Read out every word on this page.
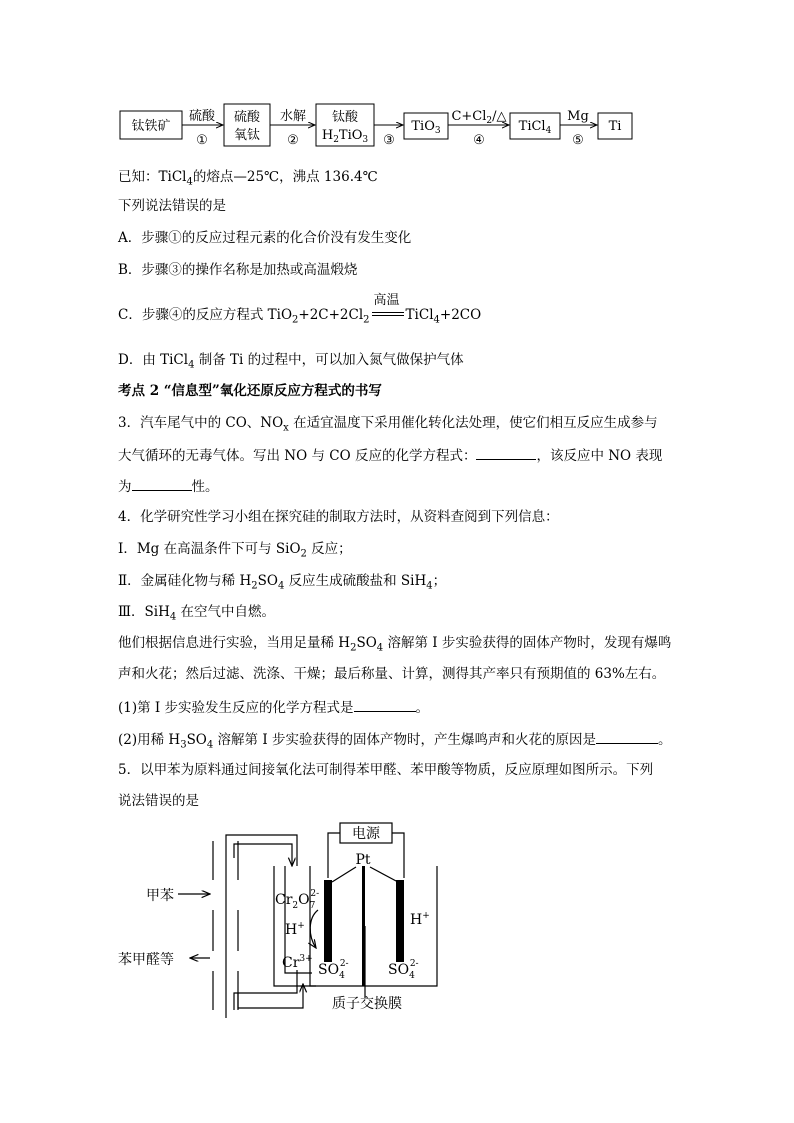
钛铁矿
硫酸
氧钛
钛酸
$H_2TiO_3$
TiO$_3$	TiCl$_4$	Ti
硫酸
①
水解
②	③
$C+Cl_2/\triangle$
④
Mg
⑤
已知：TiCl$_4$的熔点—25℃，沸点 136.4℃
下列说法错误的是
A．步骤①的反应过程元素的化合价没有发生变化
B．步骤③的操作名称是加热或高温煅烧
C．步骤④的反应方程式 $TiO_2+2C+2Cl_2$
高温
TiCl$_4$+2CO
D．由 TiCl$_4$ 制备 Ti 的过程中，可以加入氮气做保护气体
考点 2 “信息型”氧化还原反应方程式的书写
3．汽车尾气中的 CO、$NO_x$ 在适宜温度下采用催化转化法处理，使它们相互反应生成参与
大气循环的无毒气体。写出 NO 与 CO 反应的化学方程式：	，该反应中 NO 表现
为	性。
4．化学研究性学习小组在探究硅的制取方法时，从资料查阅到下列信息：
I．Mg 在高温条件下可与 SiO$_2$ 反应；
Ⅱ．金属硅化物与稀 $H_2SO_4$ 反应生成硫酸盐和 SiH$_4$；
Ⅲ．SiH$_4$ 在空气中自燃。
他们根据信息进行实验，当用足量稀 $H_2SO_4$ 溶解第 I 步实验获得的固体产物时，发现有爆鸣
声和火花；然后过滤、洗涤、干燥；最后称量、计算，测得其产率只有预期值的 63%左右。
(1)第 I 步实验发生反应的化学方程式是	。
(2)用稀 $H_3SO_4$ 溶解第 I 步实验获得的固体产物时，产生爆鸣声和火花的原因是	。
5．以甲苯为原料通过间接氧化法可制得苯甲醛、苯甲酸等物质，反应原理如图所示。下列
说法错误的是
电源
Pt
甲苯
苯甲醛等
$Cr_2O_72-$
H+
$Cr^{3+}$
$SO_42-$
H+
$SO_42-$
质子交换膜
